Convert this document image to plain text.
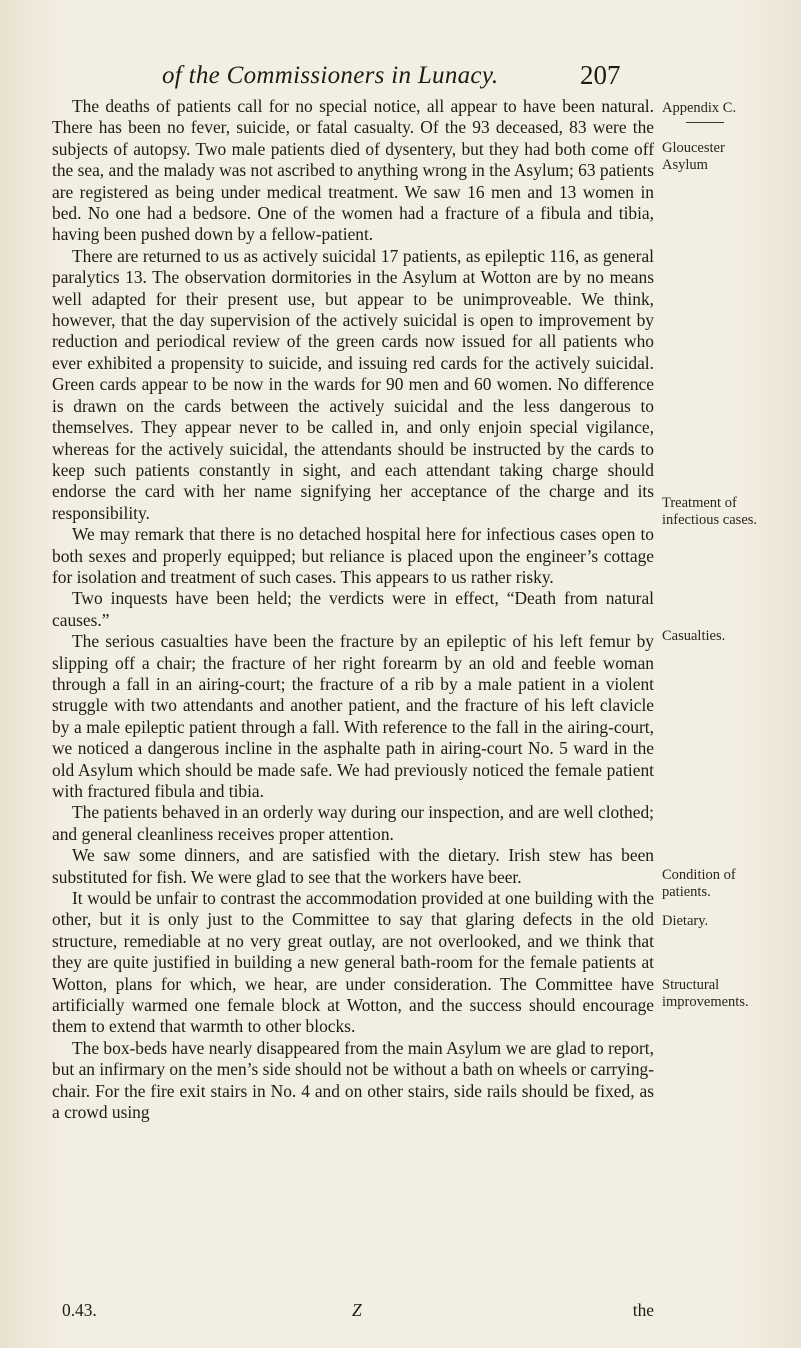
of the Commissioners in Lunacy.	207

The deaths of patients call for no special notice, all appear to have been natural. There has been no fever, suicide, or fatal casualty. Of the 93 deceased, 83 were the subjects of autopsy. Two male patients died of dysentery, but they had both come off the sea, and the malady was not ascribed to anything wrong in the Asylum; 63 patients are registered as being under medical treatment. We saw 16 men and 13 women in bed. No one had a bedsore. One of the women had a fracture of a fibula and tibia, having been pushed down by a fellow-patient.

There are returned to us as actively suicidal 17 patients, as epileptic 116, as general paralytics 13. The observation dormitories in the Asylum at Wotton are by no means well adapted for their present use, but appear to be unimproveable. We think, however, that the day supervision of the actively suicidal is open to improvement by reduction and periodical review of the green cards now issued for all patients who ever exhibited a propensity to suicide, and issuing red cards for the actively suicidal. Green cards appear to be now in the wards for 90 men and 60 women. No difference is drawn on the cards between the actively suicidal and the less dangerous to themselves. They appear never to be called in, and only enjoin special vigilance, whereas for the actively suicidal, the attendants should be instructed by the cards to keep such patients constantly in sight, and each attendant taking charge should endorse the card with her name signifying her acceptance of the charge and its responsibility.

We may remark that there is no detached hospital here for infectious cases open to both sexes and properly equipped; but reliance is placed upon the engineer’s cottage for isolation and treatment of such cases. This appears to us rather risky.

Two inquests have been held; the verdicts were in effect, “Death from natural causes.”

The serious casualties have been the fracture by an epileptic of his left femur by slipping off a chair; the fracture of her right forearm by an old and feeble woman through a fall in an airing-court; the fracture of a rib by a male patient in a violent struggle with two attendants and another patient, and the fracture of his left clavicle by a male epileptic patient through a fall. With reference to the fall in the airing-court, we noticed a dangerous incline in the asphalte path in airing-court No. 5 ward in the old Asylum which should be made safe. We had previously noticed the female patient with fractured fibula and tibia.

The patients behaved in an orderly way during our inspection, and are well clothed; and general cleanliness receives proper attention.

We saw some dinners, and are satisfied with the dietary. Irish stew has been substituted for fish. We were glad to see that the workers have beer.

It would be unfair to contrast the accommodation provided at one building with the other, but it is only just to the Committee to say that glaring defects in the old structure, remediable at no very great outlay, are not overlooked, and we think that they are quite justified in building a new general bath-room for the female patients at Wotton, plans for which, we hear, are under consideration. The Committee have artificially warmed one female block at Wotton, and the success should encourage them to extend that warmth to other blocks.

The box-beds have nearly disappeared from the main Asylum we are glad to report, but an infirmary on the men’s side should not be without a bath on wheels or carrying-chair. For the fire exit stairs in No. 4 and on other stairs, side rails should be fixed, as a crowd using

Appendix C.
Gloucester Asylum
Treatment of infectious cases.
Casualties.
Condition of patients.
Dietary.
Structural improvements.
0.43.	Z	the
